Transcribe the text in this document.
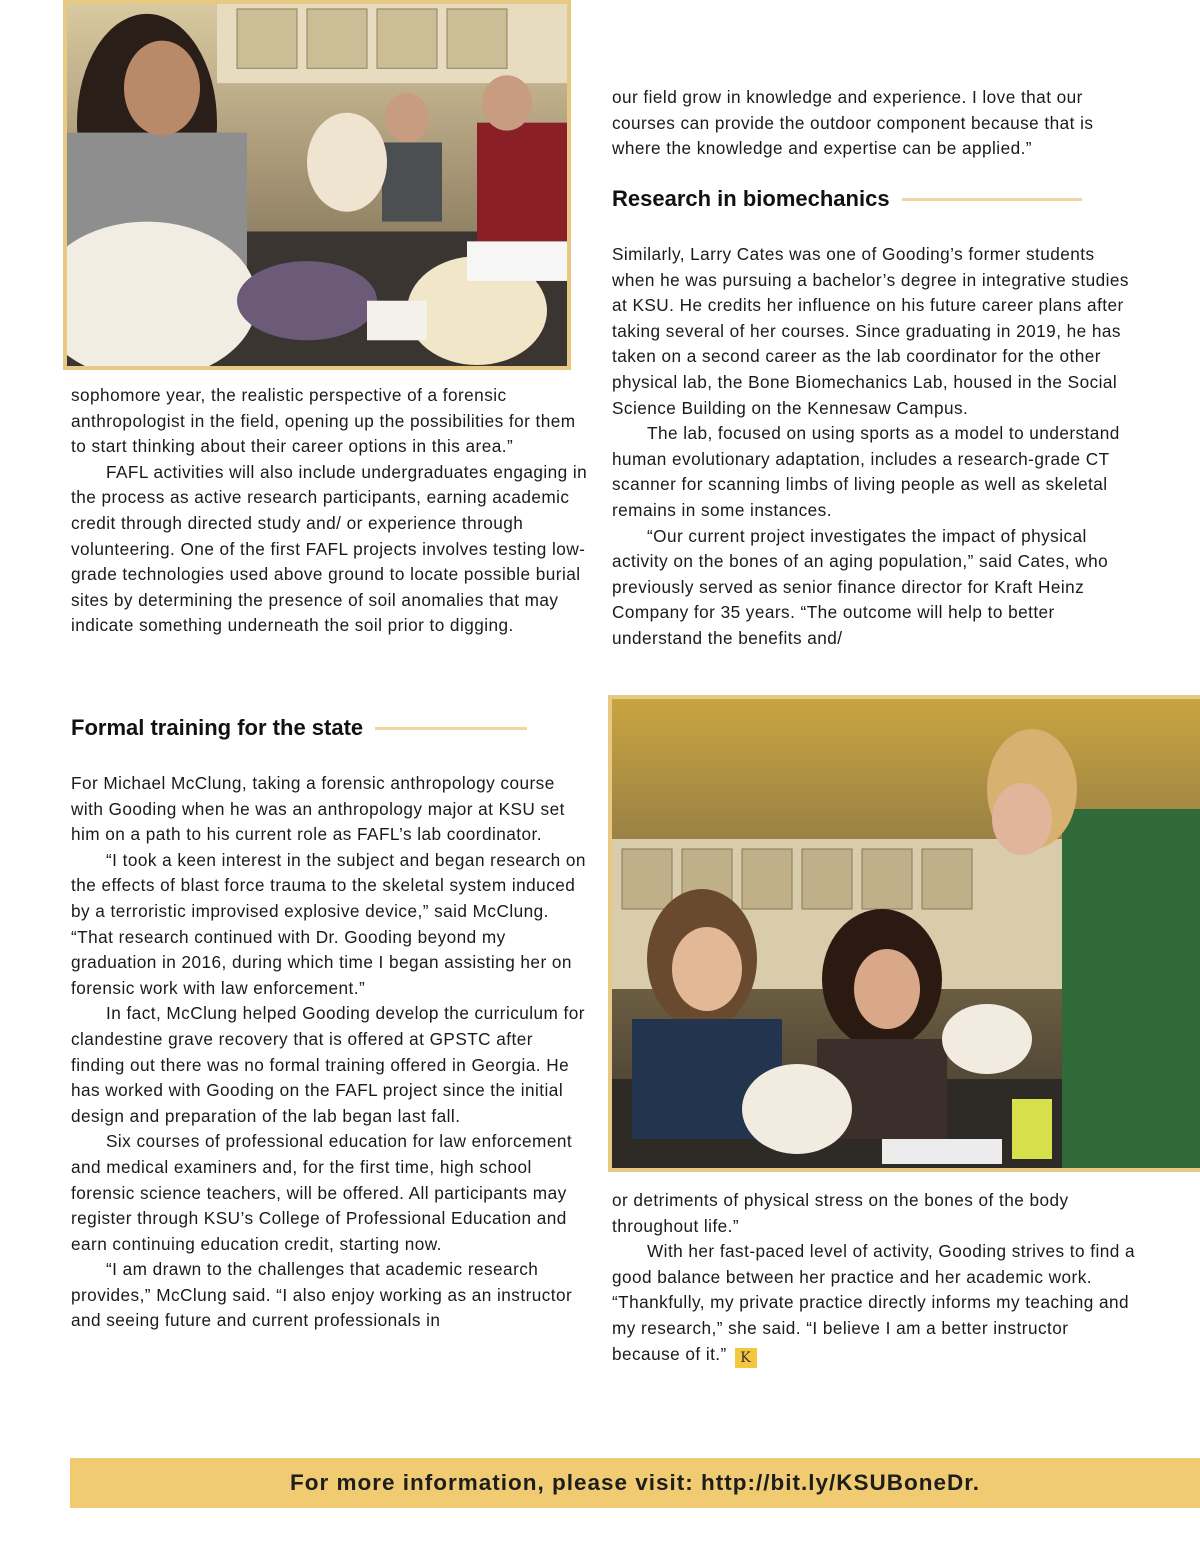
sophomore year, the realistic perspective of a forensic anthropologist in the field, opening up the possibilities for them to start thinking about their career options in this area.”

FAFL activities will also include undergraduates engaging in the process as active research participants, earning academic credit through directed study and/ or experience through volunteering. One of the first FAFL projects involves testing low-grade technologies used above ground to locate possible burial sites by determining the presence of soil anomalies that may indicate something underneath the soil prior to digging.

Formal training for the state

For Michael McClung, taking a forensic anthropology course with Gooding when he was an anthropology major at KSU set him on a path to his current role as FAFL’s lab coordinator.

“I took a keen interest in the subject and began research on the effects of blast force trauma to the skeletal system induced by a terroristic improvised explosive device,” said McClung. “That research continued with Dr. Gooding beyond my graduation in 2016, during which time I began assisting her on forensic work with law enforcement.”

In fact, McClung helped Gooding develop the curriculum for clandestine grave recovery that is offered at GPSTC after finding out there was no formal training offered in Georgia. He has worked with Gooding on the FAFL project since the initial design and preparation of the lab began last fall.

Six courses of professional education for law enforcement and medical examiners and, for the first time, high school forensic science teachers, will be offered. All participants may register through KSU’s College of Professional Education and earn continuing education credit, starting now.

“I am drawn to the challenges that academic research provides,” McClung said. “I also enjoy working as an instructor and seeing future and current professionals in

our field grow in knowledge and experience. I love that our courses can provide the outdoor component because that is where the knowledge and expertise can be applied.”

Research in biomechanics

Similarly, Larry Cates was one of Gooding’s former students when he was pursuing a bachelor’s degree in integrative studies at KSU. He credits her influence on his future career plans after taking several of her courses. Since graduating in 2019, he has taken on a second career as the lab coordinator for the other physical lab, the Bone Biomechanics Lab, housed in the Social Science Building on the Kennesaw Campus.

The lab, focused on using sports as a model to understand human evolutionary adaptation, includes a research-grade CT scanner for scanning limbs of living people as well as skeletal remains in some instances.

“Our current project investigates the impact of physical activity on the bones of an aging population,” said Cates, who previously served as senior finance director for Kraft Heinz Company for 35 years. “The outcome will help to better understand the benefits and/

or detriments of physical stress on the bones of the body throughout life.”

With her fast-paced level of activity, Gooding strives to find a good balance between her practice and her academic work. “Thankfully, my private practice directly informs my teaching and my research,” she said. “I believe I am a better instructor because of it.” K

For more information, please visit: http://bit.ly/KSUBoneDr.
